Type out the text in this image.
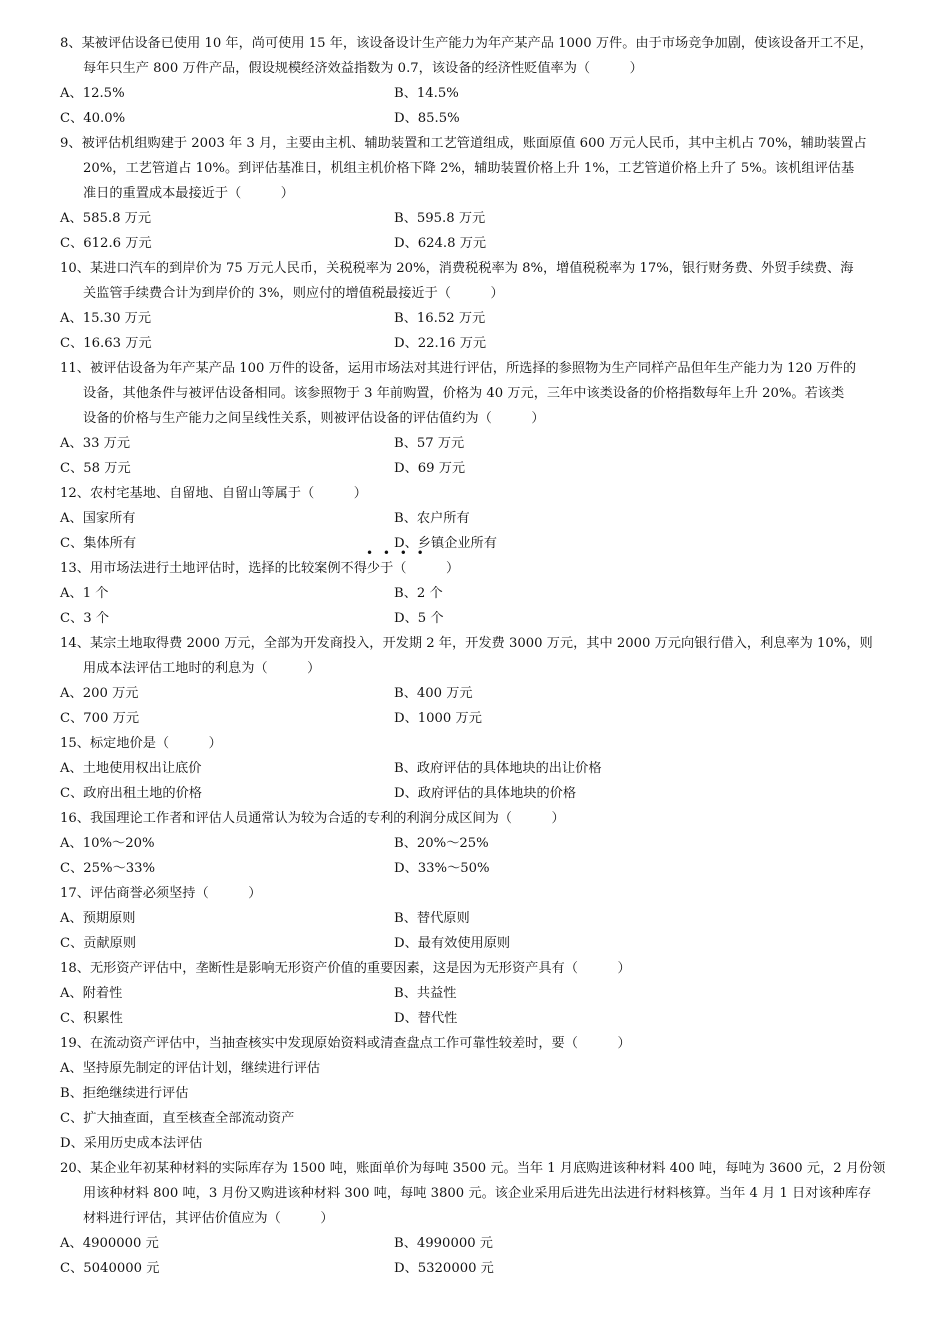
8、某被评估设备已使用 10 年，尚可使用 15 年，该设备设计生产能力为年产某产品 1000 万件。由于市场竞争加剧，使该设备开工不足，
每年只生产 800 万件产品，假设规模经济效益指数为 0.7，该设备的经济性贬值率为（　　　）
A、12.5%	B、14.5%
C、40.0%	D、85.5%
9、被评估机组购建于 2003 年 3 月，主要由主机、辅助装置和工艺管道组成，账面原值 600 万元人民币，其中主机占 70%，辅助装置占
20%，工艺管道占 10%。到评估基准日，机组主机价格下降 2%，辅助装置价格上升 1%，工艺管道价格上升了 5%。该机组评估基
准日的重置成本最接近于（　　　）
A、585.8 万元	B、595.8 万元
C、612.6 万元	D、624.8 万元
10、某进口汽车的到岸价为 75 万元人民币，关税税率为 20%，消费税税率为 8%，增值税税率为 17%，银行财务费、外贸手续费、海
关监管手续费合计为到岸价的 3%，则应付的增值税最接近于（　　　）
A、15.30 万元	B、16.52 万元
C、16.63 万元	D、22.16 万元
11、被评估设备为年产某产品 100 万件的设备，运用市场法对其进行评估，所选择的参照物为生产同样产品但年生产能力为 120 万件的
设备，其他条件与被评估设备相同。该参照物于 3 年前购置，价格为 40 万元，三年中该类设备的价格指数每年上升 20%。若该类
设备的价格与生产能力之间呈线性关系，则被评估设备的评估值约为（　　　）
A、33 万元	B、57 万元
C、58 万元	D、69 万元
12、农村宅基地、自留地、自留山等属于（　　　）
A、国家所有	B、农户所有
C、集体所有	D、乡镇企业所有
• • • •
13、用市场法进行土地评估时，选择的比较案例不得少于（　　　）
A、1 个	B、2 个
C、3 个	D、5 个
14、某宗土地取得费 2000 万元，全部为开发商投入，开发期 2 年，开发费 3000 万元，其中 2000 万元向银行借入，利息率为 10%，则
用成本法评估工地时的利息为（　　　）
A、200 万元	B、400 万元
C、700 万元	D、1000 万元
15、标定地价是（　　　）
A、土地使用权出让底价	B、政府评估的具体地块的出让价格
C、政府出租土地的价格	D、政府评估的具体地块的价格
16、我国理论工作者和评估人员通常认为较为合适的专利的利润分成区间为（　　　）
A、10%～20%	B、20%～25%
C、25%～33%	D、33%～50%
17、评估商誉必须坚持（　　　）
A、预期原则	B、替代原则
C、贡献原则	D、最有效使用原则
18、无形资产评估中，垄断性是影响无形资产价值的重要因素，这是因为无形资产具有（　　　）
A、附着性	B、共益性
C、积累性	D、替代性
19、在流动资产评估中，当抽查核实中发现原始资料或清查盘点工作可靠性较差时，要（　　　）
A、坚持原先制定的评估计划，继续进行评估
B、拒绝继续进行评估
C、扩大抽查面，直至核查全部流动资产
D、采用历史成本法评估
20、某企业年初某种材料的实际库存为 1500 吨，账面单价为每吨 3500 元。当年 1 月底购进该种材料 400 吨，每吨为 3600 元，2 月份领
用该种材料 800 吨，3 月份又购进该种材料 300 吨，每吨 3800 元。该企业采用后进先出法进行材料核算。当年 4 月 1 日对该种库存
材料进行评估，其评估价值应为（　　　）
A、4900000 元	B、4990000 元
C、5040000 元	D、5320000 元
